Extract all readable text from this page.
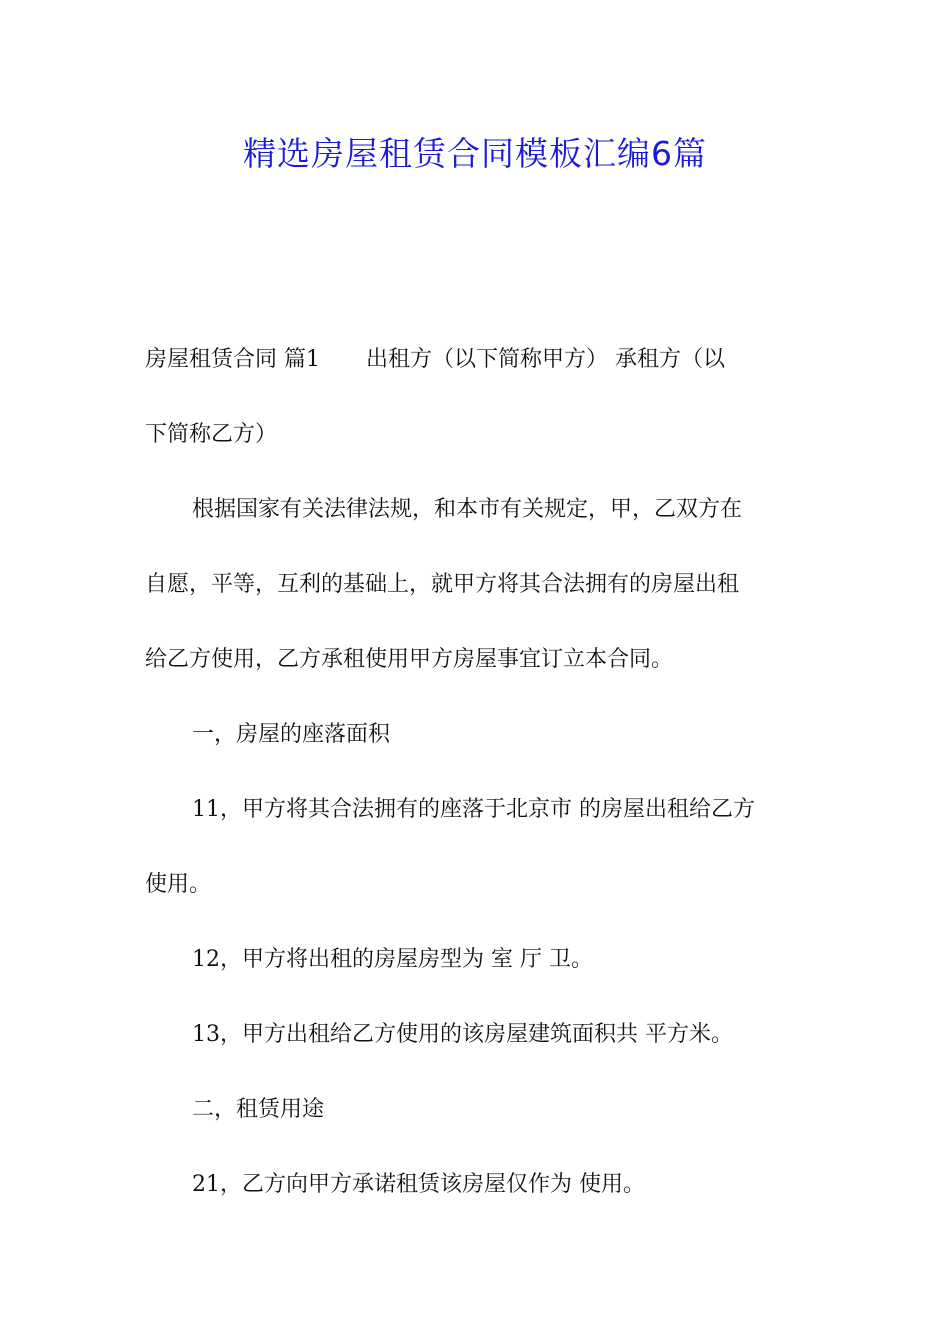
精选房屋租赁合同模板汇编6篇
房屋租赁合同 篇1 出租方（以下简称甲方） 承租方（以
下简称乙方）
根据国家有关法律法规，和本市有关规定，甲，乙双方在
自愿，平等，互利的基础上，就甲方将其合法拥有的房屋出租
给乙方使用，乙方承租使用甲方房屋事宜订立本合同。
一，房屋的座落面积
11，甲方将其合法拥有的座落于北京市 的房屋出租给乙方
使用。
12，甲方将出租的房屋房型为 室 厅 卫。
13，甲方出租给乙方使用的该房屋建筑面积共 平方米。
二，租赁用途
21，乙方向甲方承诺租赁该房屋仅作为 使用。
